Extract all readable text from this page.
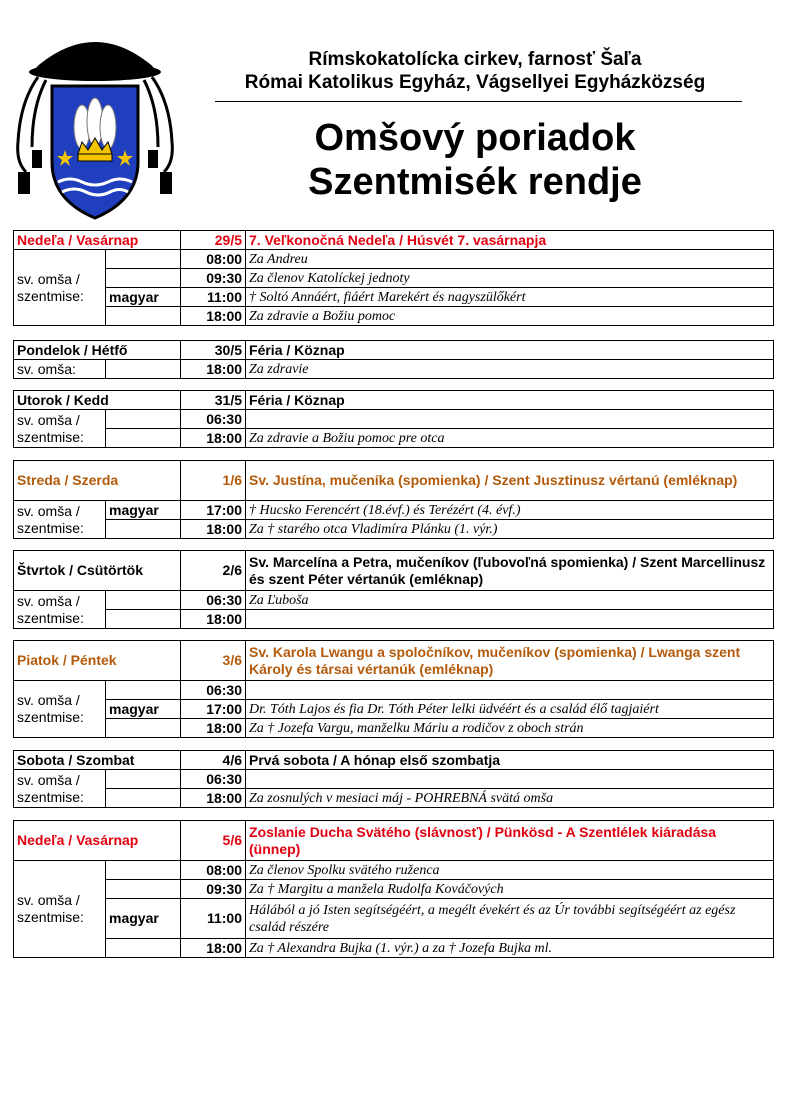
Rímskokatolícka cirkev, farnosť Šaľa
Római Katolikus Egyház, Vágsellyei Egyházközség
Omšový poriadok
Szentmisék rendje
Nedeľa / Vasárnap		29/5	7. Veľkonočná Nedeľa / Húsvét 7. vasárnapja

sv. omša /
szentmise:		08:00	Za Andreu
		09:30	Za členov Katolíckej jednoty
	magyar	11:00	† Soltó Annáért, fiáért Marekért és nagyszülőkért
		18:00	Za zdravie a Božiu pomoc
Pondelok / Hétfő		30/5	Féria / Köznap

sv. omša:		18:00	Za zdravie
Utorok / Kedd		31/5	Féria / Köznap

sv. omša /
szentmise:		06:30	
		18:00	Za zdravie a Božiu pomoc pre otca
Streda / Szerda		1/6	Sv. Justína, mučeníka (spomienka) / Szent Jusztinusz vértanú (emléknap)

sv. omša /
szentmise:	magyar	17:00	† Hucsko Ferencért (18.évf.) és Terézért (4. évf.)
		18:00	Za † starého otca Vladimíra Plánku (1. výr.)
Štvrtok / Csütörtök		2/6	Sv. Marcelína a Petra, mučeníkov (ľubovoľná spomienka) / Szent Marcellinusz és szent Péter vértanúk (emléknap)

sv. omša /
szentmise:		06:30	Za Ľuboša
		18:00	
Piatok / Péntek		3/6	Sv. Karola Lwangu a spoločníkov, mučeníkov (spomienka) / Lwanga szent Károly és társai vértanúk (emléknap)

sv. omša /
szentmise:		06:30	
	magyar	17:00	Dr. Tóth Lajos és fia Dr. Tóth Péter lelki üdvéért és a család élő tagjaiért
		18:00	Za † Jozefa Vargu, manželku Máriu a rodičov z oboch strán
Sobota / Szombat		4/6	Prvá sobota / A hónap első szombatja

sv. omša /
szentmise:		06:30	
		18:00	Za zosnulých v mesiaci máj - POHREBNÁ svätá omša
Nedeľa / Vasárnap		5/6	Zoslanie Ducha Svätého (slávnosť) / Pünkösd - A Szentlélek kiáradása (ünnep)

sv. omša /
szentmise:		08:00	Za členov Spolku svätého ruženca
		09:30	Za † Margitu a manžela Rudolfa Kováčových
	magyar	11:00	Hálából a jó Isten segítségéért, a megélt évekért és az Úr további segítségéért az egész család részére
		18:00	Za † Alexandra Bujka (1. výr.) a za † Jozefa Bujka ml.
